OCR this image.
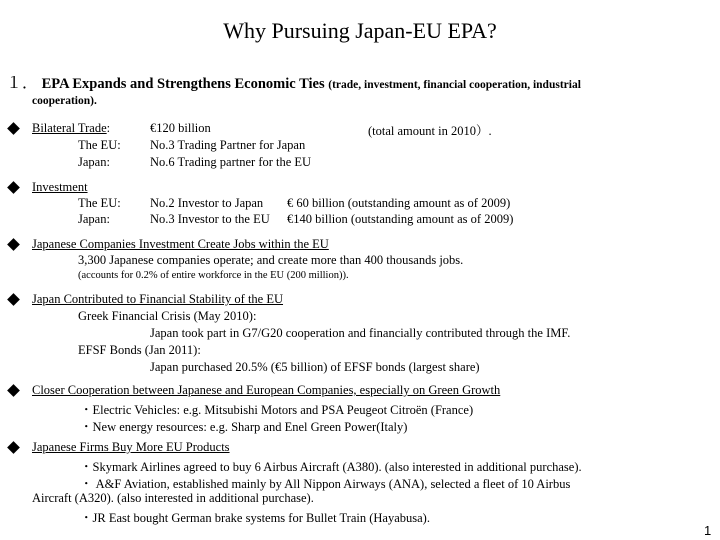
Why Pursuing Japan-EU EPA?
１． EPA Expands and Strengthens Economic Ties (trade, investment, financial cooperation, industrial
cooperation).
Bilateral Trade:	€120 billion	(total amount in 2010）.
The EU: No.3 Trading Partner for Japan
Japan:	No.6 Trading partner for the EU
Investment
The EU: No.2 Investor to Japan € 60 billion (outstanding amount as of 2009)
Japan:	No.3 Investor to the EU €140 billion (outstanding amount as of 2009)
Japanese Companies Investment Create Jobs within the EU
3,300 Japanese companies operate; and create more than 400 thousands jobs.
(accounts for 0.2% of entire workforce in the EU (200 million)).
Japan Contributed to Financial Stability of the EU
Greek Financial Crisis (May 2010):
Japan took part in G7/G20 cooperation and financially contributed through the IMF.
EFSF Bonds (Jan 2011):
Japan purchased 20.5% (€5 billion) of EFSF bonds (largest share)
Closer Cooperation between Japanese and European Companies, especially on Green Growth
・Electric Vehicles: e.g. Mitsubishi Motors and PSA Peugeot Citroën (France)
・New energy resources: e.g. Sharp and Enel Green Power(Italy)
Japanese Firms Buy More EU Products
・Skymark Airlines agreed to buy 6 Airbus Aircraft (A380). (also interested in additional purchase).
・ A&F Aviation, established mainly by All Nippon Airways (ANA), selected a fleet of 10 Airbus
Aircraft (A320). (also interested in additional purchase).
・JR East bought German brake systems for Bullet Train (Hayabusa).
1
